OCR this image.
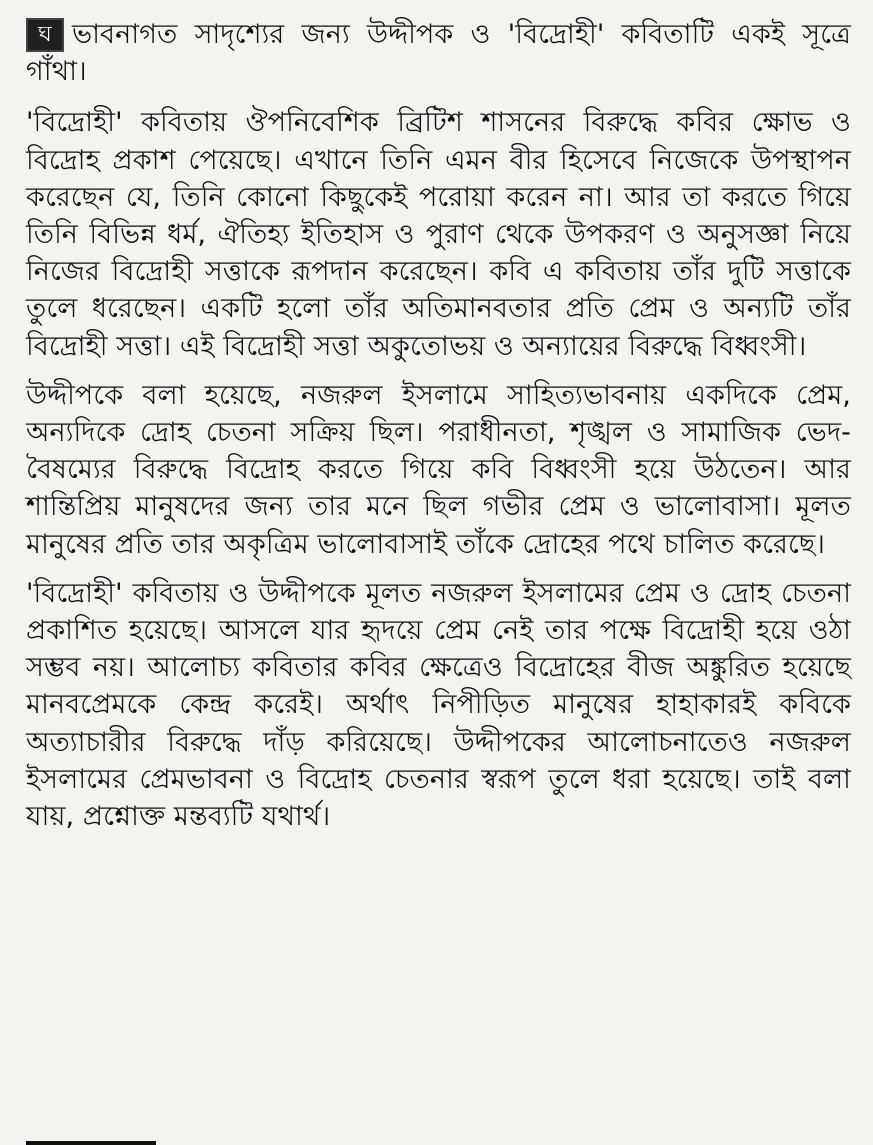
ঘ ভাবনাগত সাদৃশ্যের জন্য উদ্দীপক ও 'বিদ্রোহী' কবিতাটি একই সূত্রে গাঁথা।

'বিদ্রোহী' কবিতায় ঔপনিবেশিক ব্রিটিশ শাসনের বিরুদ্ধে কবির ক্ষোভ ও বিদ্রোহ প্রকাশ পেয়েছে। এখানে তিনি এমন বীর হিসেবে নিজেকে উপস্থাপন করেছেন যে, তিনি কোনো কিছুকেই পরোয়া করেন না। আর তা করতে গিয়ে তিনি বিভিন্ন ধর্ম, ঐতিহ্য ইতিহাস ও পুরাণ থেকে উপকরণ ও অনুসজ্ঞা নিয়ে নিজের বিদ্রোহী সত্তাকে রূপদান করেছেন। কবি এ কবিতায় তাঁর দুটি সত্তাকে তুলে ধরেছেন। একটি হলো তাঁর অতিমানবতার প্রতি প্রেম ও অন্যটি তাঁর বিদ্রোহী সত্তা। এই বিদ্রোহী সত্তা অকুতোভয় ও অন্যায়ের বিরুদ্ধে বিধ্বংসী।

উদ্দীপকে বলা হয়েছে, নজরুল ইসলামে সাহিত্যভাবনায় একদিকে প্রেম, অন্যদিকে দ্রোহ চেতনা সক্রিয় ছিল। পরাধীনতা, শৃঙ্খল ও সামাজিক ভেদ-বৈষম্যের বিরুদ্ধে বিদ্রোহ করতে গিয়ে কবি বিধ্বংসী হয়ে উঠতেন। আর শান্তিপ্রিয় মানুষদের জন্য তার মনে ছিল গভীর প্রেম ও ভালোবাসা। মূলত মানুষের প্রতি তার অকৃত্রিম ভালোবাসাই তাঁকে দ্রোহের পথে চালিত করেছে।

'বিদ্রোহী' কবিতায় ও উদ্দীপকে মূলত নজরুল ইসলামের প্রেম ও দ্রোহ চেতনা প্রকাশিত হয়েছে। আসলে যার হৃদয়ে প্রেম নেই তার পক্ষে বিদ্রোহী হয়ে ওঠা সম্ভব নয়। আলোচ্য কবিতার কবির ক্ষেত্রেও বিদ্রোহের বীজ অঙ্কুরিত হয়েছে মানবপ্রেমকে কেন্দ্র করেই। অর্থাৎ নিপীড়িত মানুষের হাহাকারই কবিকে অত্যাচারীর বিরুদ্ধে দাঁড় করিয়েছে। উদ্দীপকের আলোচনাতেও নজরুল ইসলামের প্রেমভাবনা ও বিদ্রোহ চেতনার স্বরূপ তুলে ধরা হয়েছে। তাই বলা যায়, প্রশ্নোক্ত মন্তব্যটি যথার্থ।
